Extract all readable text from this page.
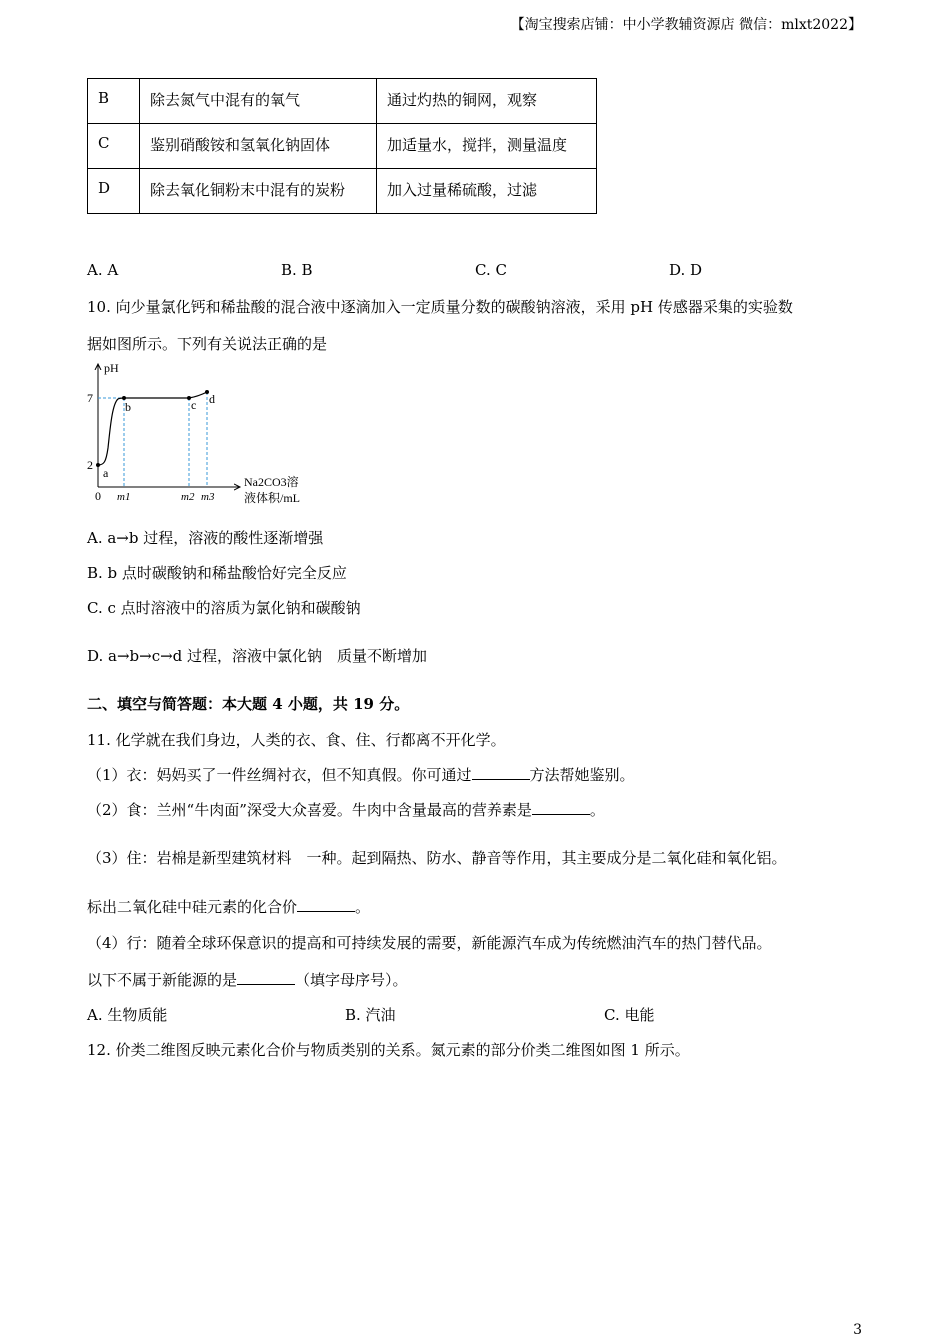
【淘宝搜索店铺：中小学教辅资源店 微信：mlxt2022】
B	除去氮气中混有的氧气	通过灼热的铜网，观察
C	鉴别硝酸铵和氢氧化钠固体	加适量水，搅拌，测量温度
D	除去氧化铜粉末中混有的炭粉	加入过量稀硫酸，过滤
A. A	B. B	C. C	D. D
10. 向少量氯化钙和稀盐酸的混合液中逐滴加入一定质量分数的碳酸钠溶液，采用 pH 传感器采集的实验数
据如图所示。下列有关说法正确的是
pH
7
2
0
a
b	c d
m1	m2 m3
Na2CO3溶
液体积/mL
A. a→b 过程，溶液的酸性逐渐增强
B. b 点时碳酸钠和稀盐酸恰好完全反应
C. c 点时溶液中的溶质为氯化钠和碳酸钠
D. a→b→c→d 过程，溶液中氯化钠　质量不断增加
二、填空与简答题：本大题 4 小题，共 19 分。
11. 化学就在我们身边，人类的衣、食、住、行都离不开化学。
（1）衣：妈妈买了一件丝绸衬衣，但不知真假。你可通过	方法帮她鉴别。
（2）食：兰州“牛肉面”深受大众喜爱。牛肉中含量最高的营养素是	。
（3）住：岩棉是新型建筑材料　一种。起到隔热、防水、静音等作用，其主要成分是二氧化硅和氧化铝。
标出二氧化硅中硅元素的化合价	。
（4）行：随着全球环保意识的提高和可持续发展的需要，新能源汽车成为传统燃油汽车的热门替代品。
以下不属于新能源的是	（填字母序号）。
A. 生物质能	B. 汽油	C. 电能
12. 价类二维图反映元素化合价与物质类别的关系。氮元素的部分价类二维图如图 1 所示。
3
